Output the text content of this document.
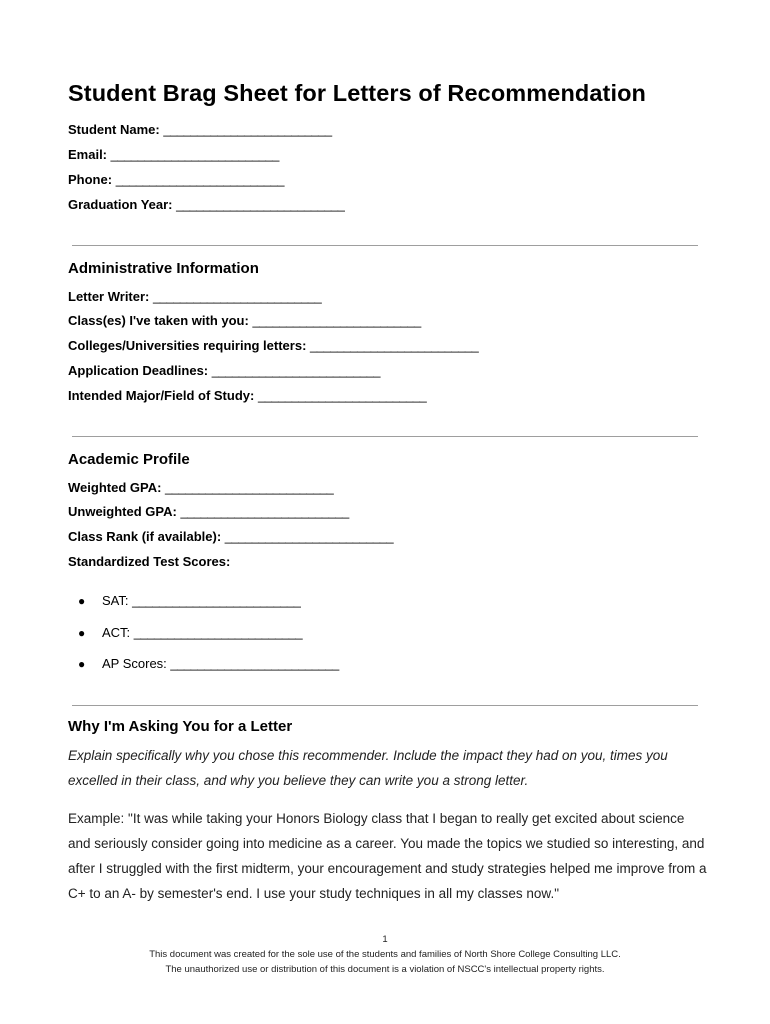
Student Brag Sheet for Letters of Recommendation
Student Name: _________________________
Email: _________________________
Phone: _________________________
Graduation Year: _________________________
Administrative Information
Letter Writer: _________________________
Class(es) I've taken with you: _________________________
Colleges/Universities requiring letters: _________________________
Application Deadlines: _________________________
Intended Major/Field of Study: _________________________
Academic Profile
Weighted GPA: _________________________
Unweighted GPA: _________________________
Class Rank (if available): _________________________
Standardized Test Scores:
● SAT: _________________________
● ACT: _________________________
● AP Scores: _________________________
Why I'm Asking You for a Letter

Explain specifically why you chose this recommender. Include the impact they had on you, times you excelled in their class, and why you believe they can write you a strong letter.

Example: "It was while taking your Honors Biology class that I began to really get excited about science and seriously consider going into medicine as a career. You made the topics we studied so interesting, and after I struggled with the first midterm, your encouragement and study strategies helped me improve from a C+ to an A- by semester's end. I use your study techniques in all my classes now."

1
This document was created for the sole use of the students and families of North Shore College Consulting LLC.
The unauthorized use or distribution of this document is a violation of NSCC's intellectual property rights.
